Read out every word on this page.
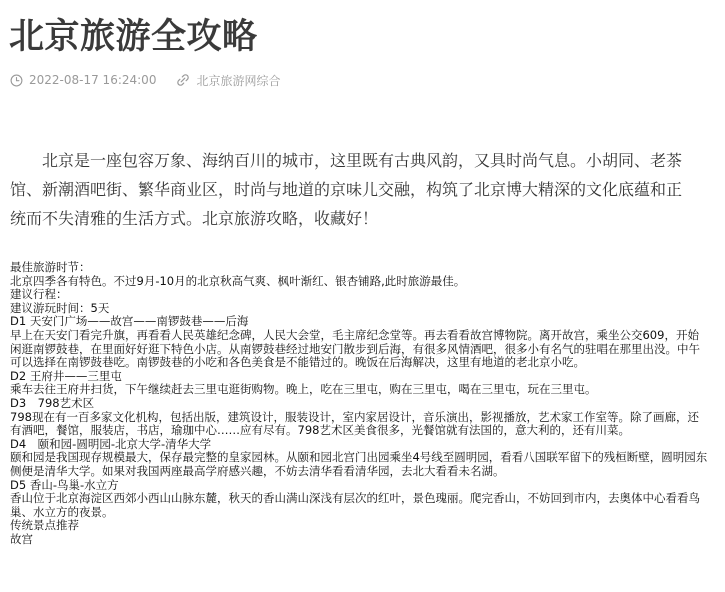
北京旅游全攻略
2022-08-17 16:24:00	北京旅游网综合

北京是一座包容万象、海纳百川的城市，这里既有古典风韵，又具时尚气息。小胡同、老茶馆、新潮酒吧街、繁华商业区，时尚与地道的京味儿交融，构筑了北京博大精深的文化底蕴和正统而不失清雅的生活方式。北京旅游攻略，收藏好！

最佳旅游时节：

北京四季各有特色。不过9月-10月的北京秋高气爽、枫叶渐红、银杏铺路,此时旅游最佳。

建议行程：

建议游玩时间：5天

D1 天安门广场——故宫——南锣鼓巷——后海

早上在天安门看完升旗，再看看人民英雄纪念碑，人民大会堂，毛主席纪念堂等。再去看看故宫博物院。离开故宫，乘坐公交609，开始闲逛南锣鼓巷，在里面好好逛下特色小店。从南锣鼓巷经过地安门散步到后海，有很多风情酒吧，很多小有名气的驻唱在那里出没。中午可以选择在南锣鼓巷吃。南锣鼓巷的小吃和各色美食是不能错过的。晚饭在后海解决，这里有地道的老北京小吃。

D2 王府井——三里屯

乘车去往王府井扫货，下午继续赶去三里屯逛街购物。晚上，吃在三里屯，购在三里屯，喝在三里屯，玩在三里屯。

D3　798艺术区

798现在有一百多家文化机构，包括出版，建筑设计，服装设计，室内家居设计，音乐演出，影视播放，艺术家工作室等。除了画廊，还有酒吧，餐馆，服装店，书店，瑜珈中心……应有尽有。798艺术区美食很多，光餐馆就有法国的，意大利的，还有川菜。

D4　颐和园-圆明园-北京大学-清华大学

颐和园是我国现存规模最大，保存最完整的皇家园林。从颐和园北宫门出园乘坐4号线至圆明园，看看八国联军留下的残桓断壁，圆明园东侧便是清华大学。如果对我国两座最高学府感兴趣，不妨去清华看看清华园，去北大看看未名湖。

D5 香山-鸟巢-水立方

香山位于北京海淀区西郊小西山山脉东麓，秋天的香山满山深浅有层次的红叶，景色瑰丽。爬完香山，不妨回到市内，去奥体中心看看鸟巢、水立方的夜景。

传统景点推荐

故宫
